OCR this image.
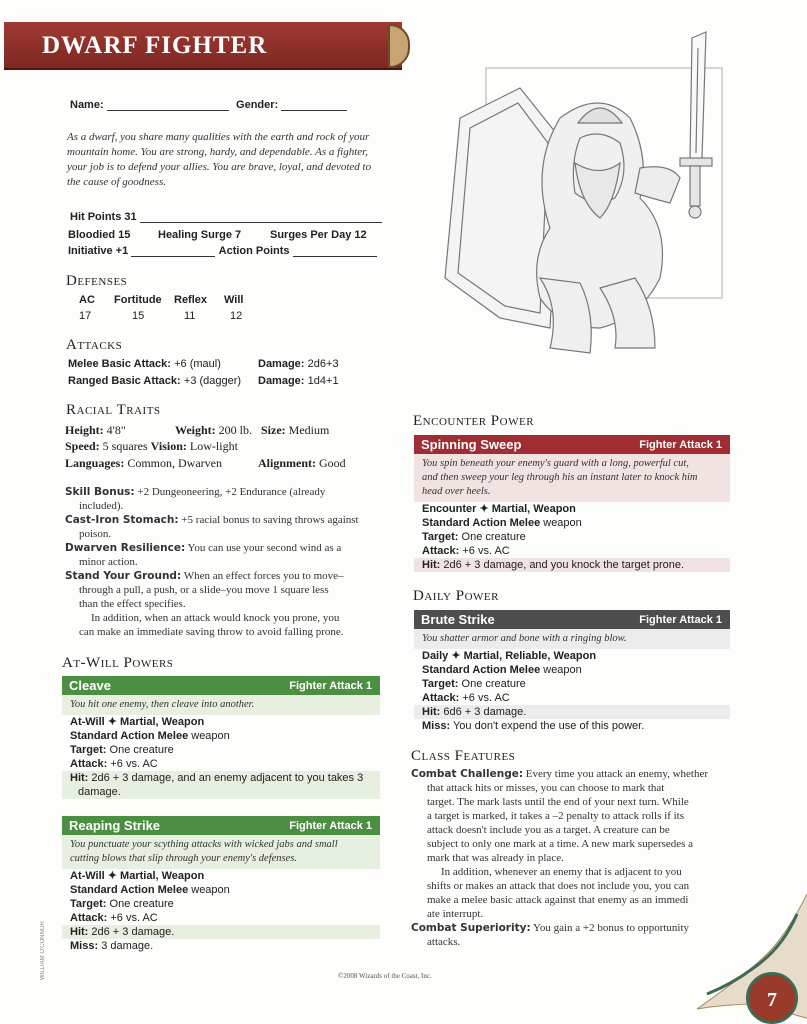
DWARF FIGHTER
Name:	Gender:
As a dwarf, you share many qualities with the earth and rock of your mountain home. You are strong, hardy, and dependable. As a fighter, your job is to defend your allies. You are brave, loyal, and devoted to the cause of goodness.
Hit Points 31
Bloodied 15	Healing Surge 7	Surges Per Day 12
Initiative +1	Action Points
Defenses
AC Fortitude Reflex Will
17	15	11	12
Attacks
Melee Basic Attack: +6 (maul)	Damage: 2d6+3
Ranged Basic Attack: +3 (dagger) Damage: 1d4+1
Racial Traits
Height: 4'8"	Weight: 200 lb. Size: Medium
Speed: 5 squares Vision: Low-light
Languages: Common, Dwarven	Alignment: Good
Skill Bonus: +2 Dungeoneering, +2 Endurance (already
included).
Cast-Iron Stomach: +5 racial bonus to saving throws against
poison.
Dwarven Resilience: You can use your second wind as a
minor action.
Stand Your Ground: When an effect forces you to move–
through a pull, a push, or a slide–you move 1 square less
than the effect specifies.
In addition, when an attack would knock you prone, you
can make an immediate saving throw to avoid falling prone.
At-Will Powers
Cleave	Fighter Attack 1
You hit one enemy, then cleave into another.
At-Will ✦ Martial, Weapon
Standard Action Melee weapon
Target: One creature
Attack: +6 vs. AC
Hit: 2d6 + 3 damage, and an enemy adjacent to you takes 3
damage.
Reaping Strike	Fighter Attack 1
You punctuate your scything attacks with wicked jabs and small
cutting blows that slip through your enemy's defenses.
At-Will ✦ Martial, Weapon
Standard Action Melee weapon
Target: One creature
Attack: +6 vs. AC
Hit: 2d6 + 3 damage.
Miss: 3 damage.
Encounter Power
Spinning Sweep	Fighter Attack 1
You spin beneath your enemy's guard with a long, powerful cut,
and then sweep your leg through his an instant later to knock him
head over heels.
Encounter ✦ Martial, Weapon
Standard Action Melee weapon
Target: One creature
Attack: +6 vs. AC
Hit: 2d6 + 3 damage, and you knock the target prone.
Daily Power
Brute Strike	Fighter Attack 1
You shatter armor and bone with a ringing blow.
Daily ✦ Martial, Reliable, Weapon
Standard Action Melee weapon
Target: One creature
Attack: +6 vs. AC
Hit: 6d6 + 3 damage.
Miss: You don't expend the use of this power.
Class Features
Combat Challenge: Every time you attack an enemy, whether
that attack hits or misses, you can choose to mark that
target. The mark lasts until the end of your next turn. While
a target is marked, it takes a –2 penalty to attack rolls if its
attack doesn't include you as a target. A creature can be
subject to only one mark at a time. A new mark supersedes a
mark that was already in place.
In addition, whenever an enemy that is adjacent to you
shifts or makes an attack that does not include you, you can
make a melee basic attack against that enemy as an immedi
ate interrupt.
Combat Superiority: You gain a +2 bonus to opportunity
attacks.
WILLIAM O'CONNOR	©2008 Wizards of the Coast, Inc.
7
